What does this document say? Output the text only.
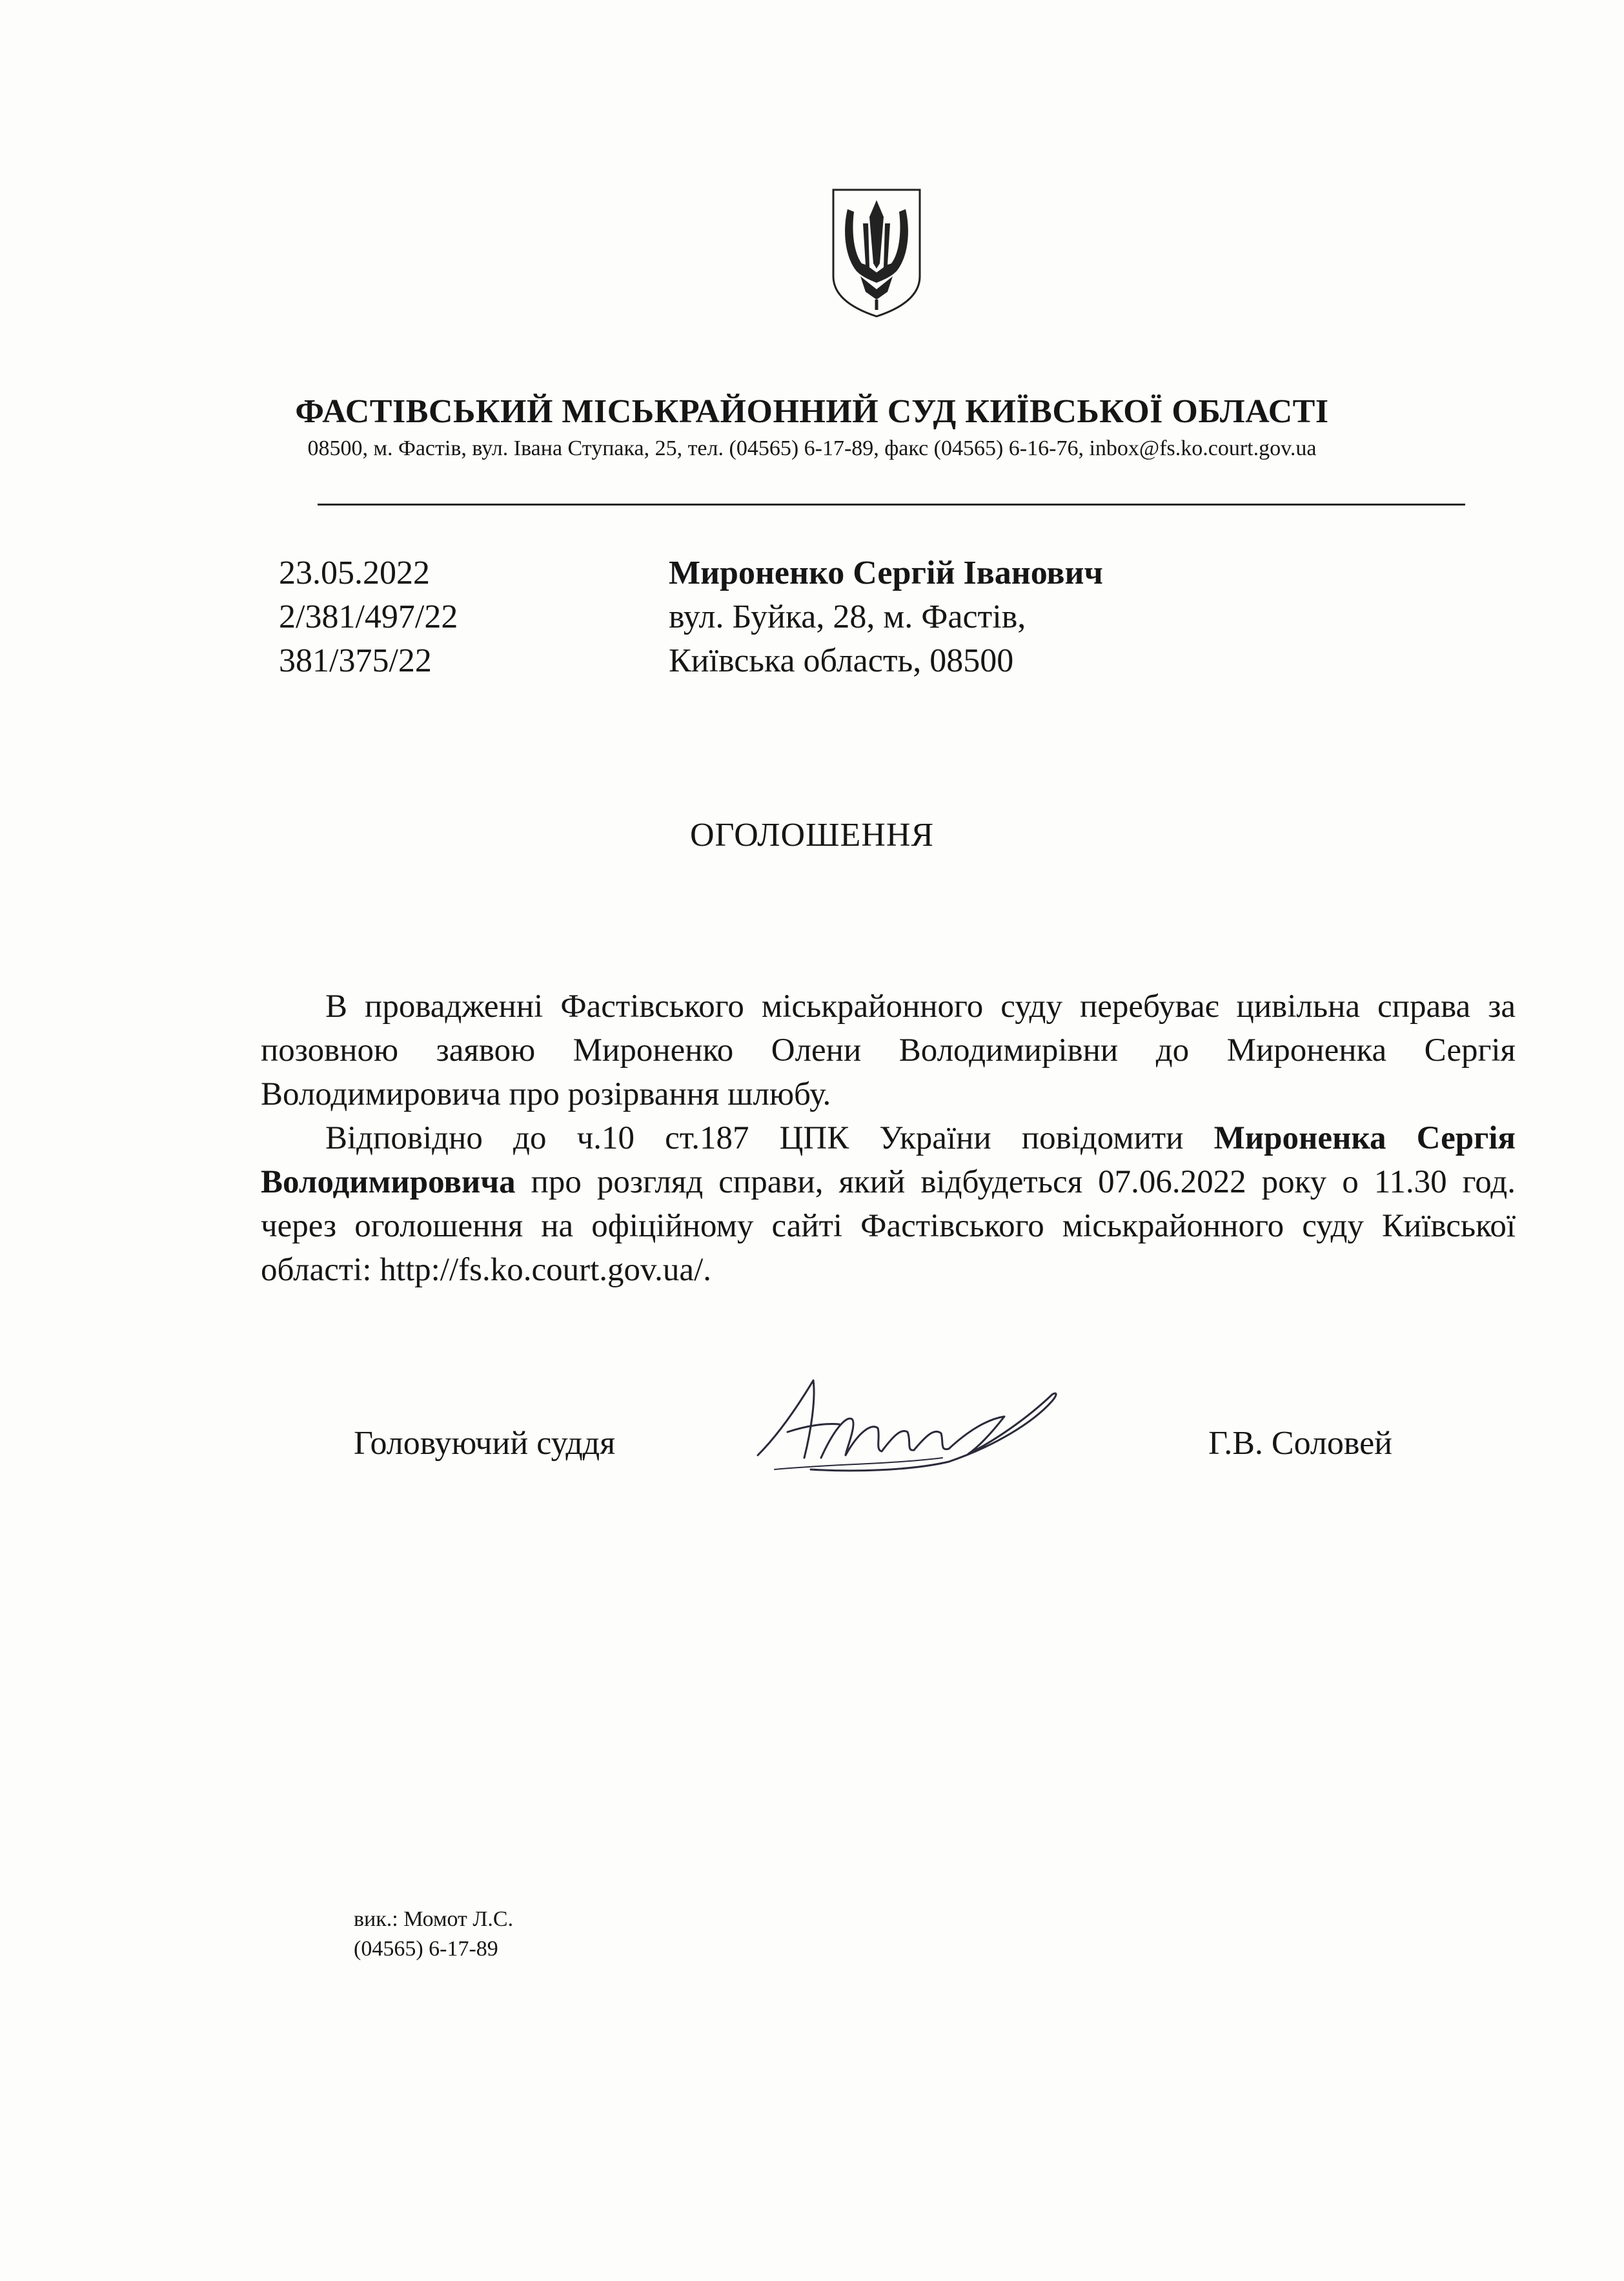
ФАСТІВСЬКИЙ МІСЬКРАЙОННИЙ СУД КИЇВСЬКОЇ ОБЛАСТІ
08500, м. Фастів, вул. Івана Ступака, 25, тел. (04565) 6-17-89, факс (04565) 6-16-76, inbox@fs.ko.court.gov.ua
23.05.2022
2/381/497/22
381/375/22
Мироненко Сергій Іванович
вул. Буйка, 28, м. Фастів,
Київська область, 08500
ОГОЛОШЕННЯ

В провадженні Фастівського міськрайонного суду перебуває цивільна справа за позовною заявою Мироненко Олени Володимирівни до Мироненка Сергія Володимировича про розірвання шлюбу.

Відповідно до ч.10 ст.187 ЦПК України повідомити Мироненка Сергія Володимировича про розгляд справи, який відбудеться 07.06.2022 року о 11.30 год. через оголошення на офіційному сайті Фастівського міськрайонного суду Київської області: http://fs.ko.court.gov.ua/.

Головуючий суддя	Г.В. Соловей
вик.: Момот Л.С.
(04565) 6-17-89
